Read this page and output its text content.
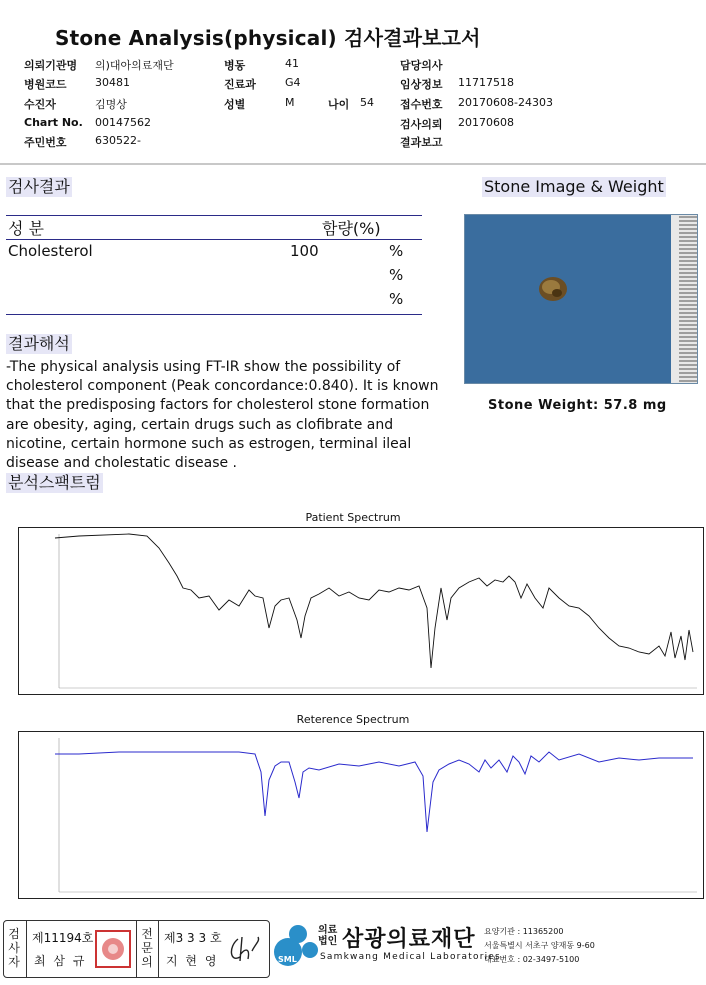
Stone Analysis(physical) 검사결과보고서
의뢰기관명 의)대아의료재단	병동	41	담당의사
병원코드	30481	진료과	G4	임상정보 11717518
수진자	김명상	성별	M	나이 54 접수번호 20170608-24303
Chart No. 00147562	검사의뢰 20170608
주민번호	630522-	결과보고
검사결과	Stone Image & Weight
성 분	함량(%)
Cholesterol	100	%
%
%
Stone Weight: 57.8 mg
결과해석
-The physical analysis using FT-IR show the possibility of cholesterol component (Peak concordance:0.840). It is known that the predisposing factors for cholesterol stone formation are obesity, aging, certain drugs such as clofibrate and nicotine, certain hormone such as estrogen, terminal ileal disease and cholestatic disease .
분석스팩트럼
Patient Spectrum
Reterence Spectrum
검
사
자
제11194호
최 삼 규
전
문
의
제3 3 3 호
지 현 영	SML
의료법인 삼광의료재단
Samkwang Medical Laboratories
요양기관 : 11365200
서울특별시 서초구 양재동 9-60
대표번호 : 02-3497-5100
